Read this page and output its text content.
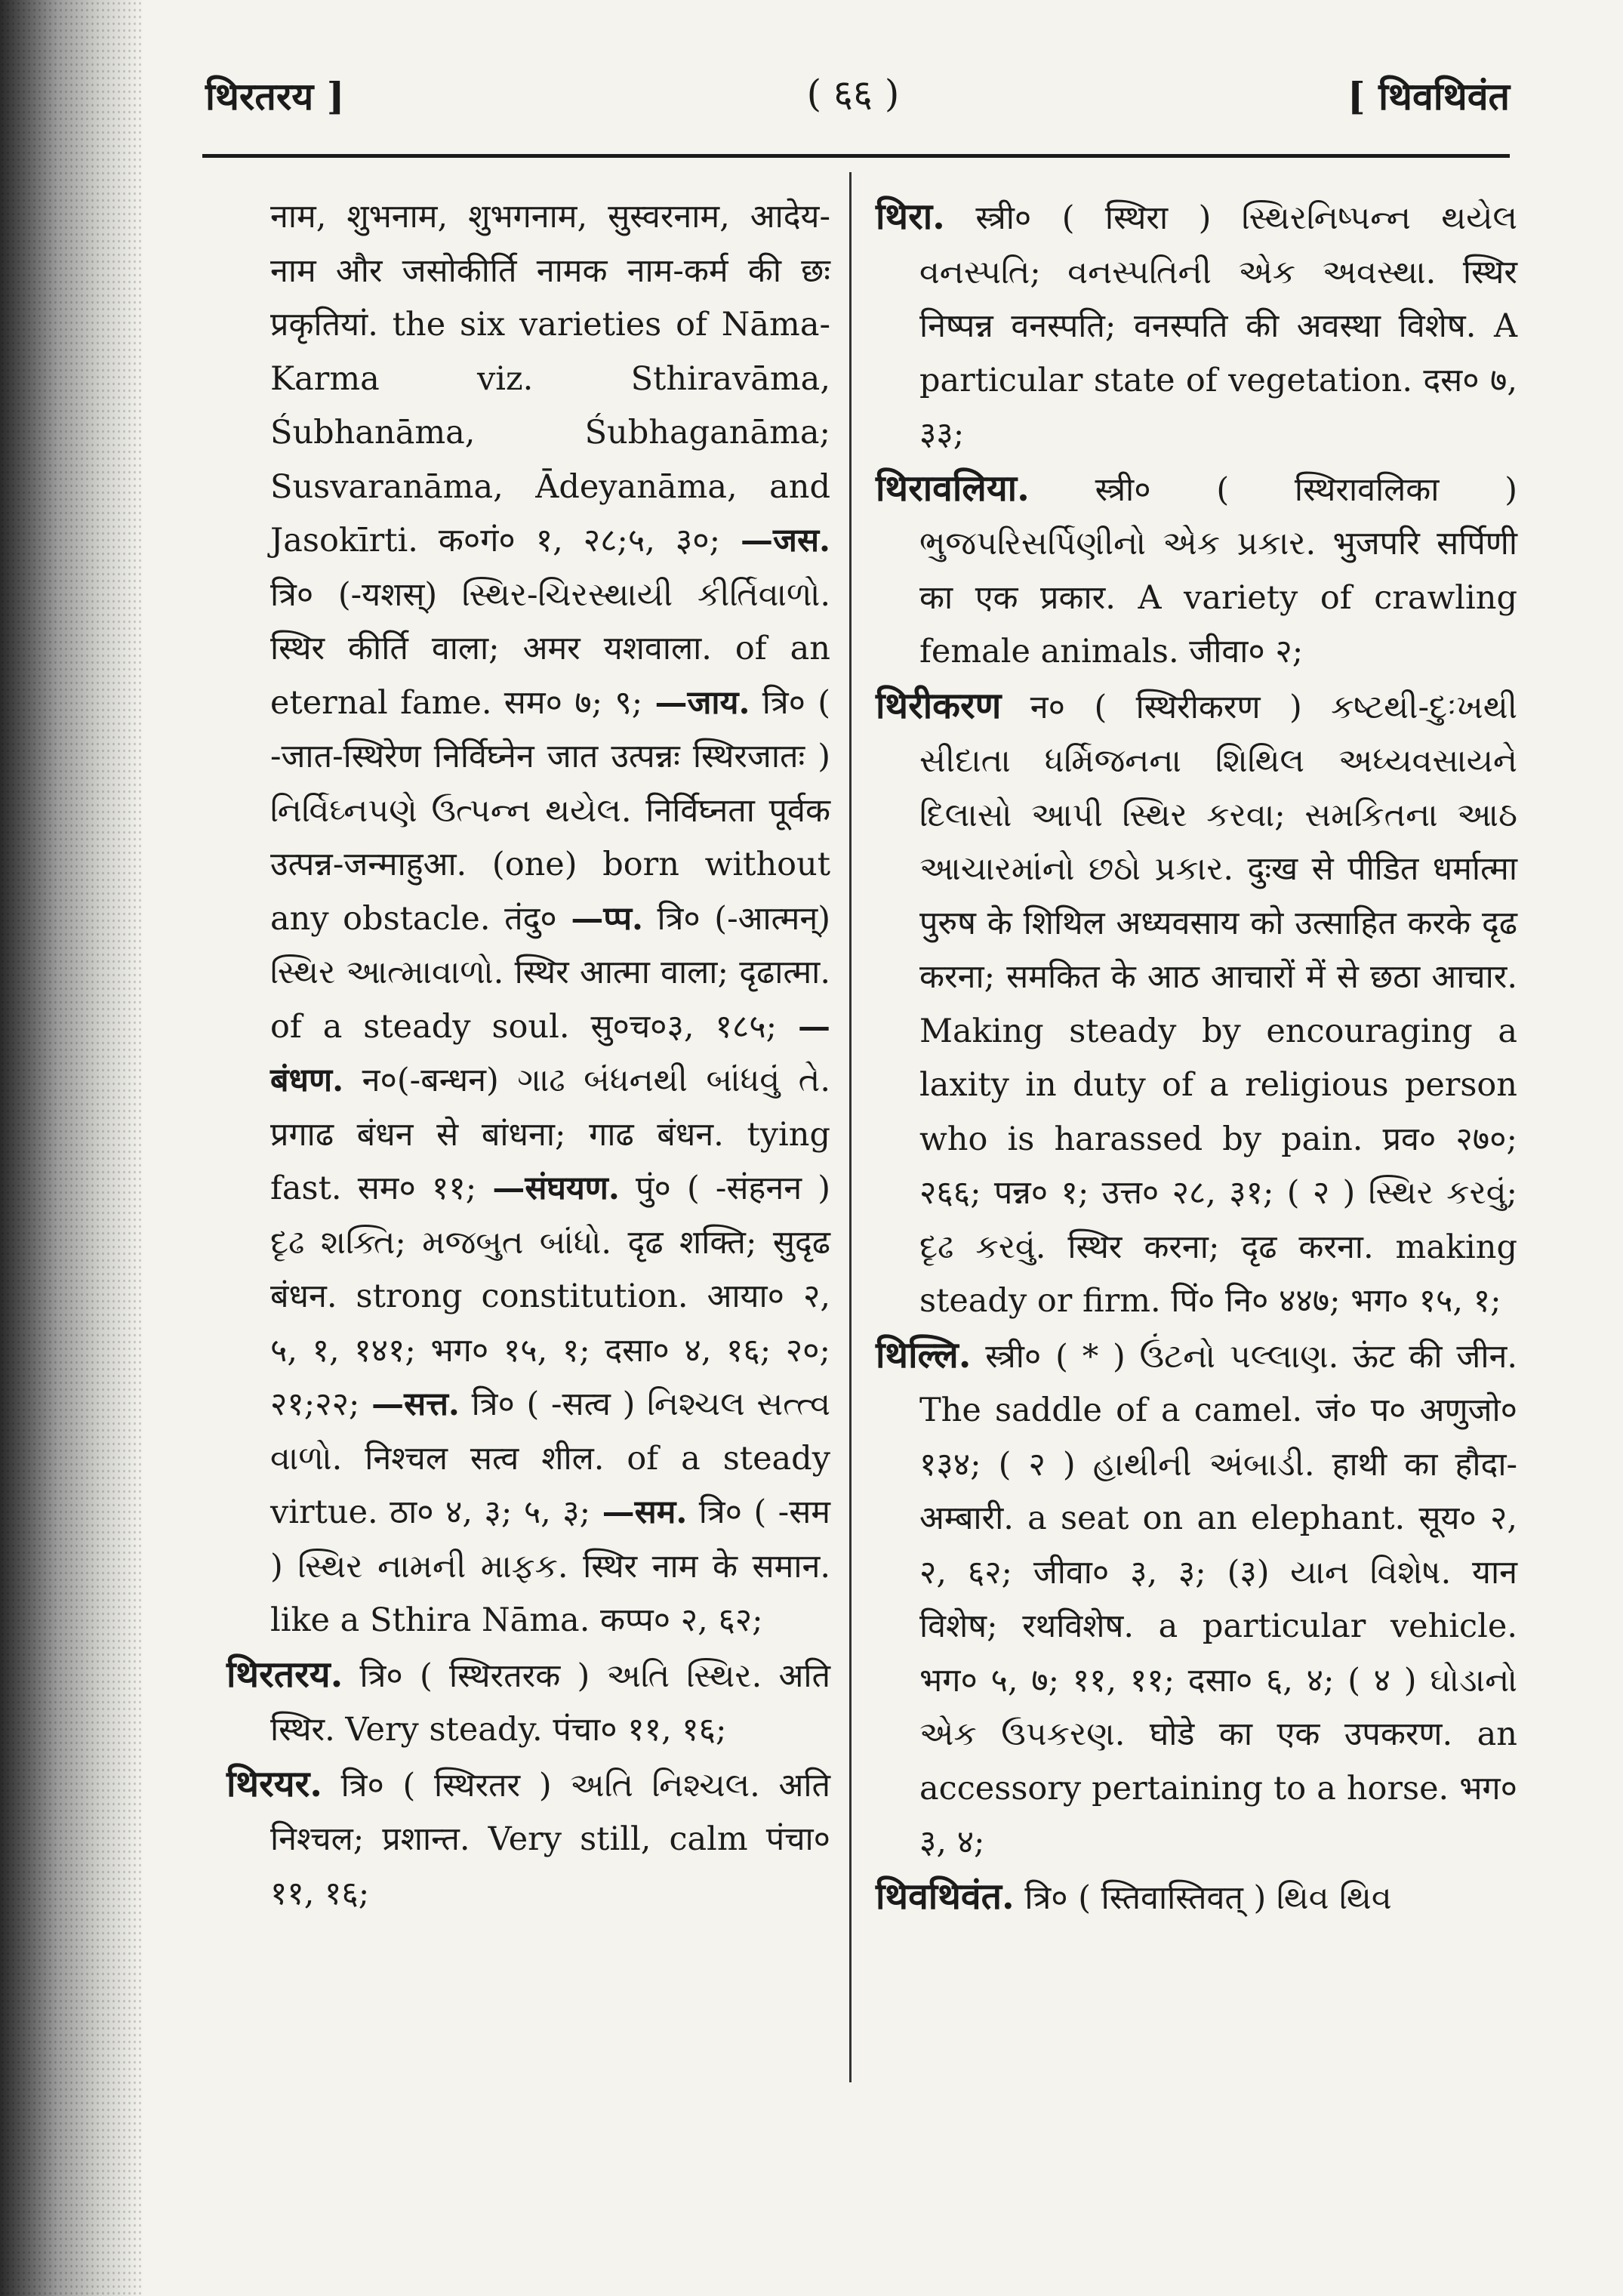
थिरतरय ]	( ६६ )	[ थिवथिवंत

नाम, शुभनाम, शुभगनाम, सुस्वरनाम, आदेय-नाम और जसोकीर्ति नामक नाम-कर्म की छः प्रकृतियां. the six varieties of Nāma-Karma viz. Sthiravāma, Śubhanāma, Śubhaganāma; Susvaranāma, Ādeyanāma, and Jasokīrti. क०गं० १, २८;५, ३०; —जस. त्रि० (-यशस्) સ્થિર-ચિરસ્થાયી કીર્તિવાળો. स्थिर कीर्ति वाला; अमर यशवाला. of an eternal fame. सम० ७; ९; —जाय. त्रि० ( -जात-स्थिरेण निर्विघ्नेन जात उत्पन्नः स्थिरजातः ) નિર્વિઘ્નપણે ઉત્પન્ન થયેલ. निर्विघ्नता पूर्वक उत्पन्न-जन्माहुआ. (one) born without any obstacle. तंदु० —प्प. त्रि० (-आत्मन्) સ્થિર આત્માવાળો. स्थिर आत्मा वाला; दृढात्मा. of a steady soul. सु०च०३, १८५; —बंधण. न०(-बन्धन) ગાઢ બંધનથી બાંધવું તે. प्रगाढ बंधन से बांधना; गाढ बंधन. tying fast. सम० ११; —संघयण. पुं० ( -संहनन ) દૃઢ શક્તિ; મજબુત બાંધો. दृढ शक्ति; सुदृढ बंधन. strong constitution. आया० २, ५, १, १४१; भग० १५, १; दसा० ४, १६; २०; २१;२२; —सत्त. त्रि० ( -सत्व ) નિશ્ચલ સત્ત્વ વાળો. निश्चल सत्व शील. of a steady virtue. ठा० ४, ३; ५, ३; —सम. त्रि० ( -सम ) સ્થિર નામની માફક. स्थिर नाम के समान. like a Sthira Nāma. कप्प० २, ६२;

थिरतरय. त्रि० ( स्थिरतरक ) અતિ સ્થિર. अति स्थिर. Very steady. पंचा० ११, १६;

थिरयर. त्रि० ( स्थिरतर ) અતિ નિશ્ચલ. अति निश्चल; प्रशान्त. Very still, calm पंचा० ११, १६;

थिरा. स्त्री० ( स्थिरा ) સ્થિરનિષ્પન્ન થયેલ વનસ્પતિ; વનસ્પતિની એક અવસ્થા. स्थिर निष्पन्न वनस्पति; वनस्पति की अवस्था विशेष. A particular state of vegetation. दस० ७, ३३;

थिरावलिया. स्त्री० ( स्थिरावलिका ) ભુજપરિસર્પિણીનો એક પ્રકાર. भुजपरि सर्पिणी का एक प्रकार. A variety of crawling female animals. जीवा० २;

थिरीकरण न० ( स्थिरीकरण ) કષ્ટથી-દુઃખથી સીદાતા ધર્મિજનના શિથિલ અધ્યવસાયને દિલાસો આપી સ્થિર કરવા; સમકિતના આઠ આચારમાંનો છઠો પ્રકાર. दुःख से पीडित धर्मात्मा पुरुष के शिथिल अध्यवसाय को उत्साहित करके दृढ करना; समकित के आठ आचारों में से छठा आचार. Making steady by encouraging a laxity in duty of a religious person who is harassed by pain. प्रव० २७०; २६६; पन्न० १; उत्त० २८, ३१; ( २ ) સ્થિર કરવું; દૃઢ કરવું. स्थिर करना; दृढ करना. making steady or firm. पिं० नि० ४४७; भग० १५, १;

थिल्लि. स्त्री० ( * ) ઉંટનો પલ્લાણ. ऊंट की जीन. The saddle of a camel. जं० प० अणुजो० १३४; ( २ ) હાથીની અંબાડી. हाथी का हौदा-अम्बारी. a seat on an elephant. सूय० २, २, ६२; जीवा० ३, ३; (३) યાન વિશેષ. यान विशेष; रथविशेष. a particular vehicle. भग० ५, ७; ११, ११; दसा० ६, ४; ( ४ ) ઘોડાનો એક ઉપકરણ. घोडे का एक उपकरण. an accessory pertaining to a horse. भग० ३, ४;

थिवथिवंत. त्रि० ( स्तिवास्तिवत् ) થિવ થિવ
